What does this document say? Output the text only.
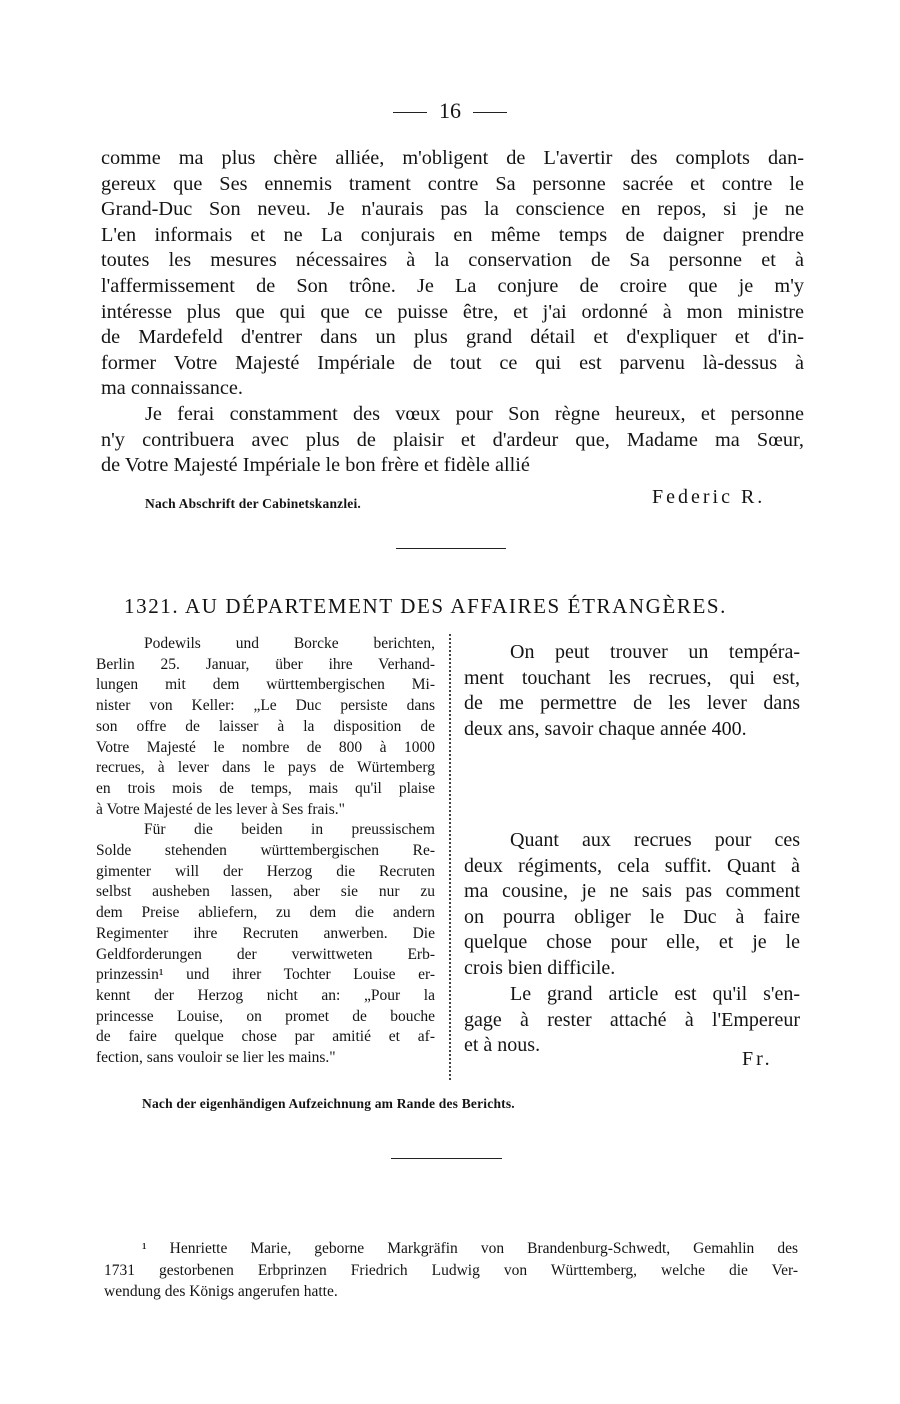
16
comme ma plus chère alliée, m'obligent de L'avertir des complots dan-
gereux que Ses ennemis trament contre Sa personne sacrée et contre le
Grand-Duc Son neveu. Je n'aurais pas la conscience en repos, si je ne
L'en informais et ne La conjurais en même temps de daigner prendre
toutes les mesures nécessaires à la conservation de Sa personne et à
l'affermissement de Son trône. Je La conjure de croire que je m'y
intéresse plus que qui que ce puisse être, et j'ai ordonné à mon ministre
de Mardefeld d'entrer dans un plus grand détail et d'expliquer et d'in-
former Votre Majesté Impériale de tout ce qui est parvenu là-dessus à
ma connaissance.
Je ferai constamment des vœux pour Son règne heureux, et personne
n'y contribuera avec plus de plaisir et d'ardeur que, Madame ma Sœur,
de Votre Majesté Impériale le bon frère et fidèle allié
Nach Abschrift der Cabinetskanzlei.	Federic R.
1321. AU DÉPARTEMENT DES AFFAIRES ÉTRANGÈRES.
Podewils und Borcke berichten,
Berlin 25. Januar, über ihre Verhand-
lungen mit dem württembergischen Mi-
nister von Keller: „Le Duc persiste dans
son offre de laisser à la disposition de
Votre Majesté le nombre de 800 à 1000
recrues, à lever dans le pays de Würtemberg
en trois mois de temps, mais qu'il plaise
à Votre Majesté de les lever à Ses frais."
Für die beiden in preussischem
Solde stehenden württembergischen Re-
gimenter will der Herzog die Recruten
selbst ausheben lassen, aber sie nur zu
dem Preise abliefern, zu dem die andern
Regimenter ihre Recruten anwerben. Die
Geldforderungen der verwittweten Erb-
prinzessin¹ und ihrer Tochter Louise er-
kennt der Herzog nicht an: „Pour la
princesse Louise, on promet de bouche
de faire quelque chose par amitié et af-
fection, sans vouloir se lier les mains."
On peut trouver un tempéra-
ment touchant les recrues, qui est,
de me permettre de les lever dans
deux ans, savoir chaque année 400.
Quant aux recrues pour ces
deux régiments, cela suffit. Quant à
ma cousine, je ne sais pas comment
on pourra obliger le Duc à faire
quelque chose pour elle, et je le
crois bien difficile.
Le grand article est qu'il s'en-
gage à rester attaché à l'Empereur
et à nous.
Fr.
Nach der eigenhändigen Aufzeichnung am Rande des Berichts.
¹ Henriette Marie, geborne Markgräfin von Brandenburg-Schwedt, Gemahlin des
1731 gestorbenen Erbprinzen Friedrich Ludwig von Württemberg, welche die Ver-
wendung des Königs angerufen hatte.
